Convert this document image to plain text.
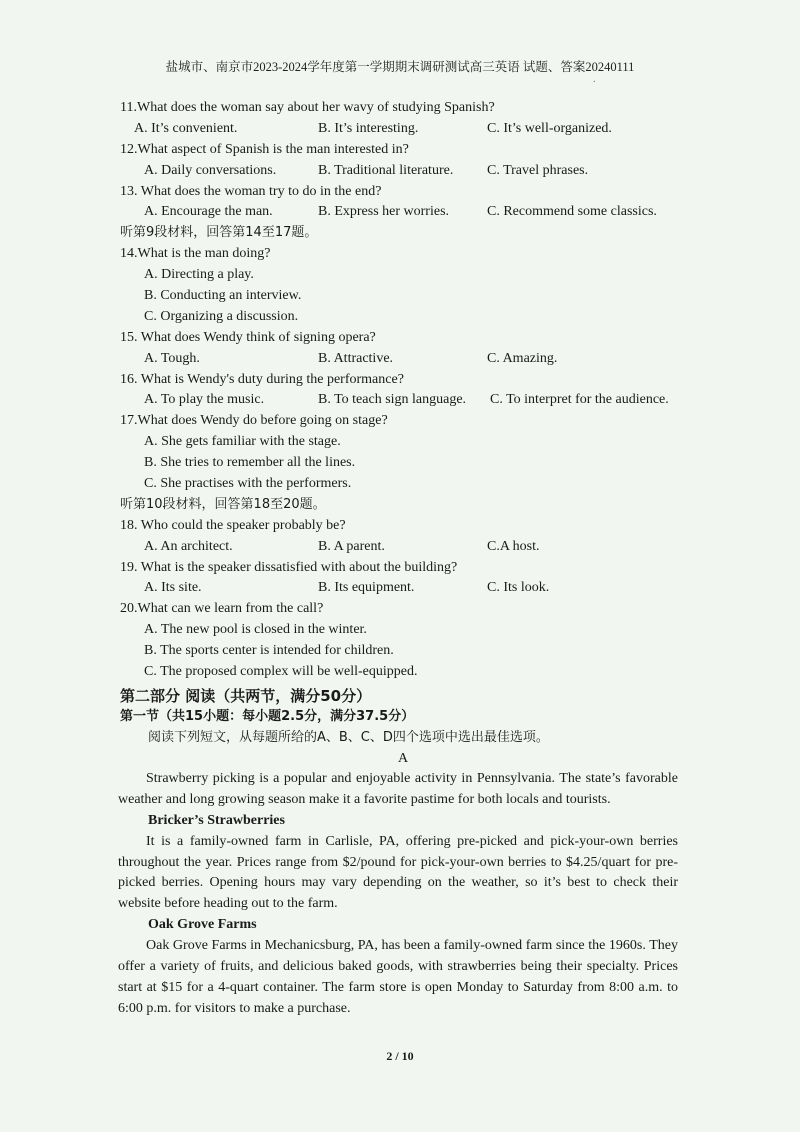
盐城市、南京市2023-2024学年度第一学期期末调研测试高三英语 试题、答案20240111
.
11.What does the woman say about her wavy of studying Spanish?
A. It’s convenient.	B. It’s interesting.	C. It’s well-organized.
12.What aspect of Spanish is the man interested in?
A. Daily conversations.	B. Traditional literature. C. Travel phrases.
13. What does the woman try to do in the end?
A. Encourage the man.	B. Express her worries.	C. Recommend some classics.
听第9段材料，回答第14至17题。
14.What is the man doing?
A. Directing a play.
B. Conducting an interview.
C. Organizing a discussion.
15. What does Wendy think of signing opera?
A. Tough.	B. Attractive.	C. Amazing.
16. What is Wendy's duty during the performance?
A. To play the music.	B. To teach sign language. C. To interpret for the audience.
17.What does Wendy do before going on stage?
A. She gets familiar with the stage.
B. She tries to remember all the lines.
C. She practises with the performers.
听第10段材料，回答第18至20题。
18. Who could the speaker probably be?
A. An architect.	B. A parent.	C.A host.
19. What is the speaker dissatisfied with about the building?
A. Its site.	B. Its equipment.	C. Its look.
20.What can we learn from the call?
A. The new pool is closed in the winter.
B. The sports center is intended for children.
C. The proposed complex will be well-equipped.
第二部分 阅读（共两节，满分50分）
第一节（共15小题：每小题2.5分，满分37.5分）
阅读下列短文，从每题所给的A、B、C、D四个选项中选出最佳选项。
A

Strawberry picking is a popular and enjoyable activity in Pennsylvania. The state’s favorable weather and long growing season make it a favorite pastime for both locals and tourists.

Bricker’s Strawberries

It is a family-owned farm in Carlisle, PA, offering pre-picked and pick-your-own berries throughout the year. Prices range from $2/pound for pick-your-own berries to $4.25/quart for pre-picked berries. Opening hours may vary depending on the weather, so it’s best to check their website before heading out to the farm.

Oak Grove Farms

Oak Grove Farms in Mechanicsburg, PA, has been a family-owned farm since the 1960s. They offer a variety of fruits, and delicious baked goods, with strawberries being their specialty. Prices start at $15 for a 4-quart container. The farm store is open Monday to Saturday from 8:00 a.m. to 6:00 p.m. for visitors to make a purchase.

2 / 10
